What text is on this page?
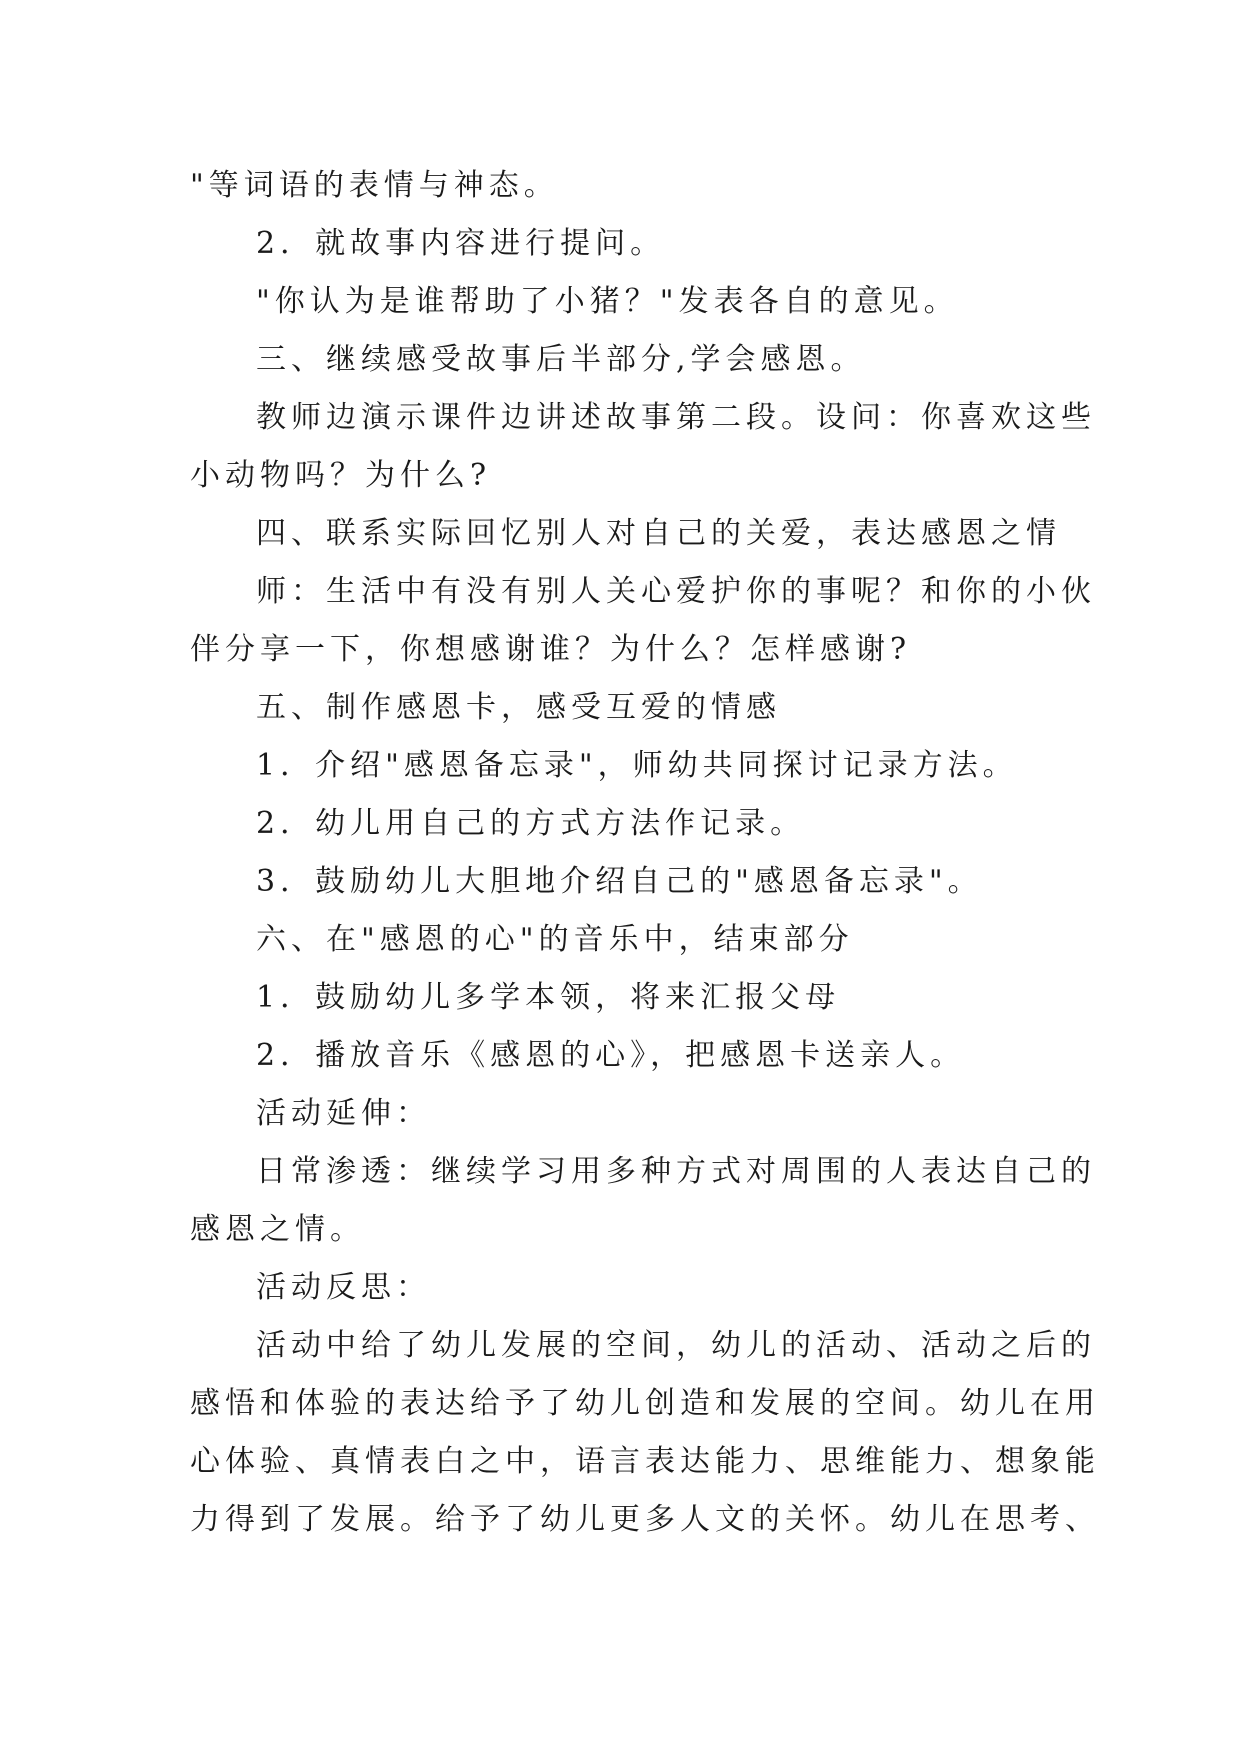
"等词语的表情与神态。
2．就故事内容进行提问。
"你认为是谁帮助了小猪？"发表各自的意见。
三、继续感受故事后半部分,学会感恩。
教师边演示课件边讲述故事第二段。设问：你喜欢这些
小动物吗？为什么?
四、联系实际回忆别人对自己的关爱，表达感恩之情
师：生活中有没有别人关心爱护你的事呢？和你的小伙
伴分享一下，你想感谢谁？为什么？怎样感谢?
五、制作感恩卡，感受互爱的情感
1．介绍"感恩备忘录"，师幼共同探讨记录方法。
2．幼儿用自己的方式方法作记录。
3．鼓励幼儿大胆地介绍自己的"感恩备忘录"。
六、在"感恩的心"的音乐中，结束部分
1．鼓励幼儿多学本领，将来汇报父母
2．播放音乐《感恩的心》，把感恩卡送亲人。
活动延伸：
日常渗透：继续学习用多种方式对周围的人表达自己的
感恩之情。
活动反思：
活动中给了幼儿发展的空间，幼儿的活动、活动之后的
感悟和体验的表达给予了幼儿创造和发展的空间。幼儿在用
心体验、真情表白之中，语言表达能力、思维能力、想象能
力得到了发展。给予了幼儿更多人文的关怀。幼儿在思考、
